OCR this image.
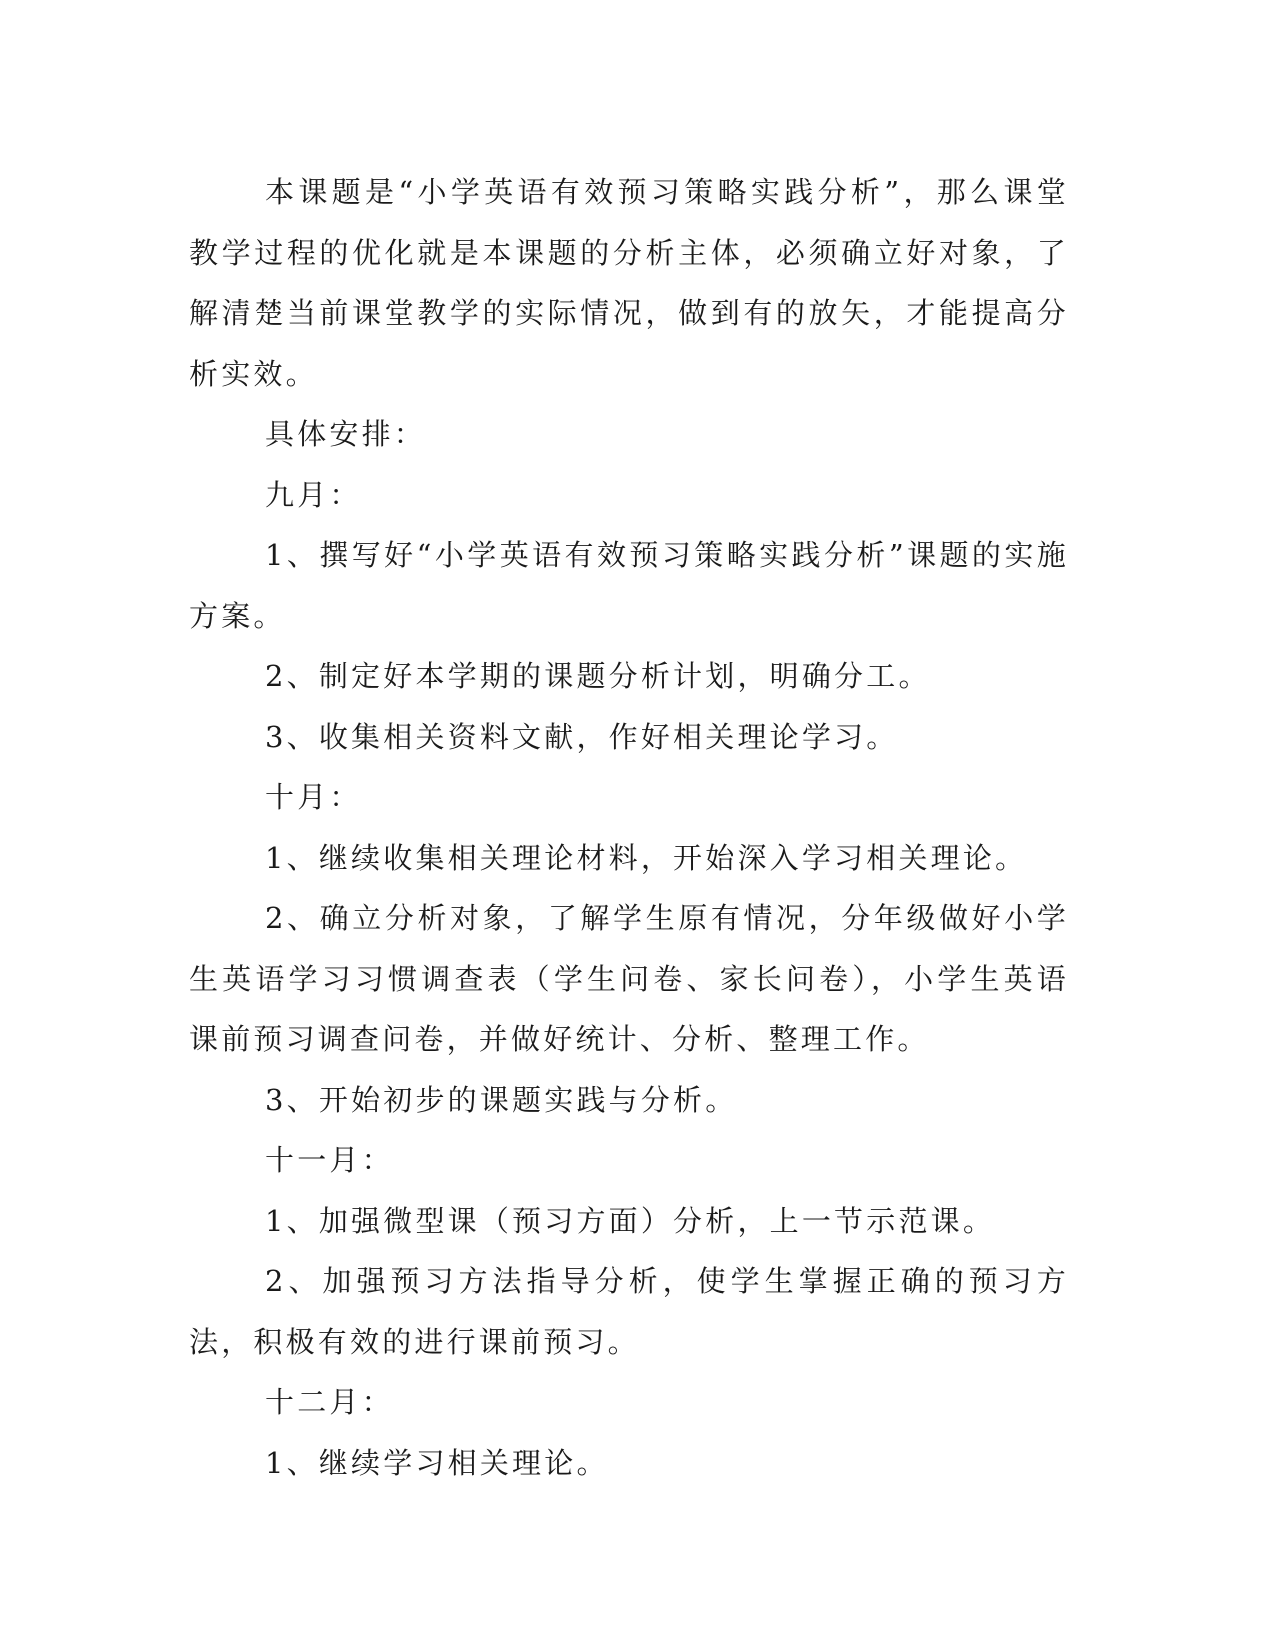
本课题是“小学英语有效预习策略实践分析”，那么课堂教学过程的优化就是本课题的分析主体，必须确立好对象，了解清楚当前课堂教学的实际情况，做到有的放矢，才能提高分析实效。

具体安排：

九月：

1、撰写好“小学英语有效预习策略实践分析”课题的实施方案。

2、制定好本学期的课题分析计划，明确分工。

3、收集相关资料文献，作好相关理论学习。

十月：

1、继续收集相关理论材料，开始深入学习相关理论。

2、确立分析对象，了解学生原有情况，分年级做好小学生英语学习习惯调查表（学生问卷、家长问卷），小学生英语课前预习调查问卷，并做好统计、分析、整理工作。

3、开始初步的课题实践与分析。

十一月：

1、加强微型课（预习方面）分析，上一节示范课。

2、加强预习方法指导分析，使学生掌握正确的预习方法，积极有效的进行课前预习。

十二月：

1、继续学习相关理论。
